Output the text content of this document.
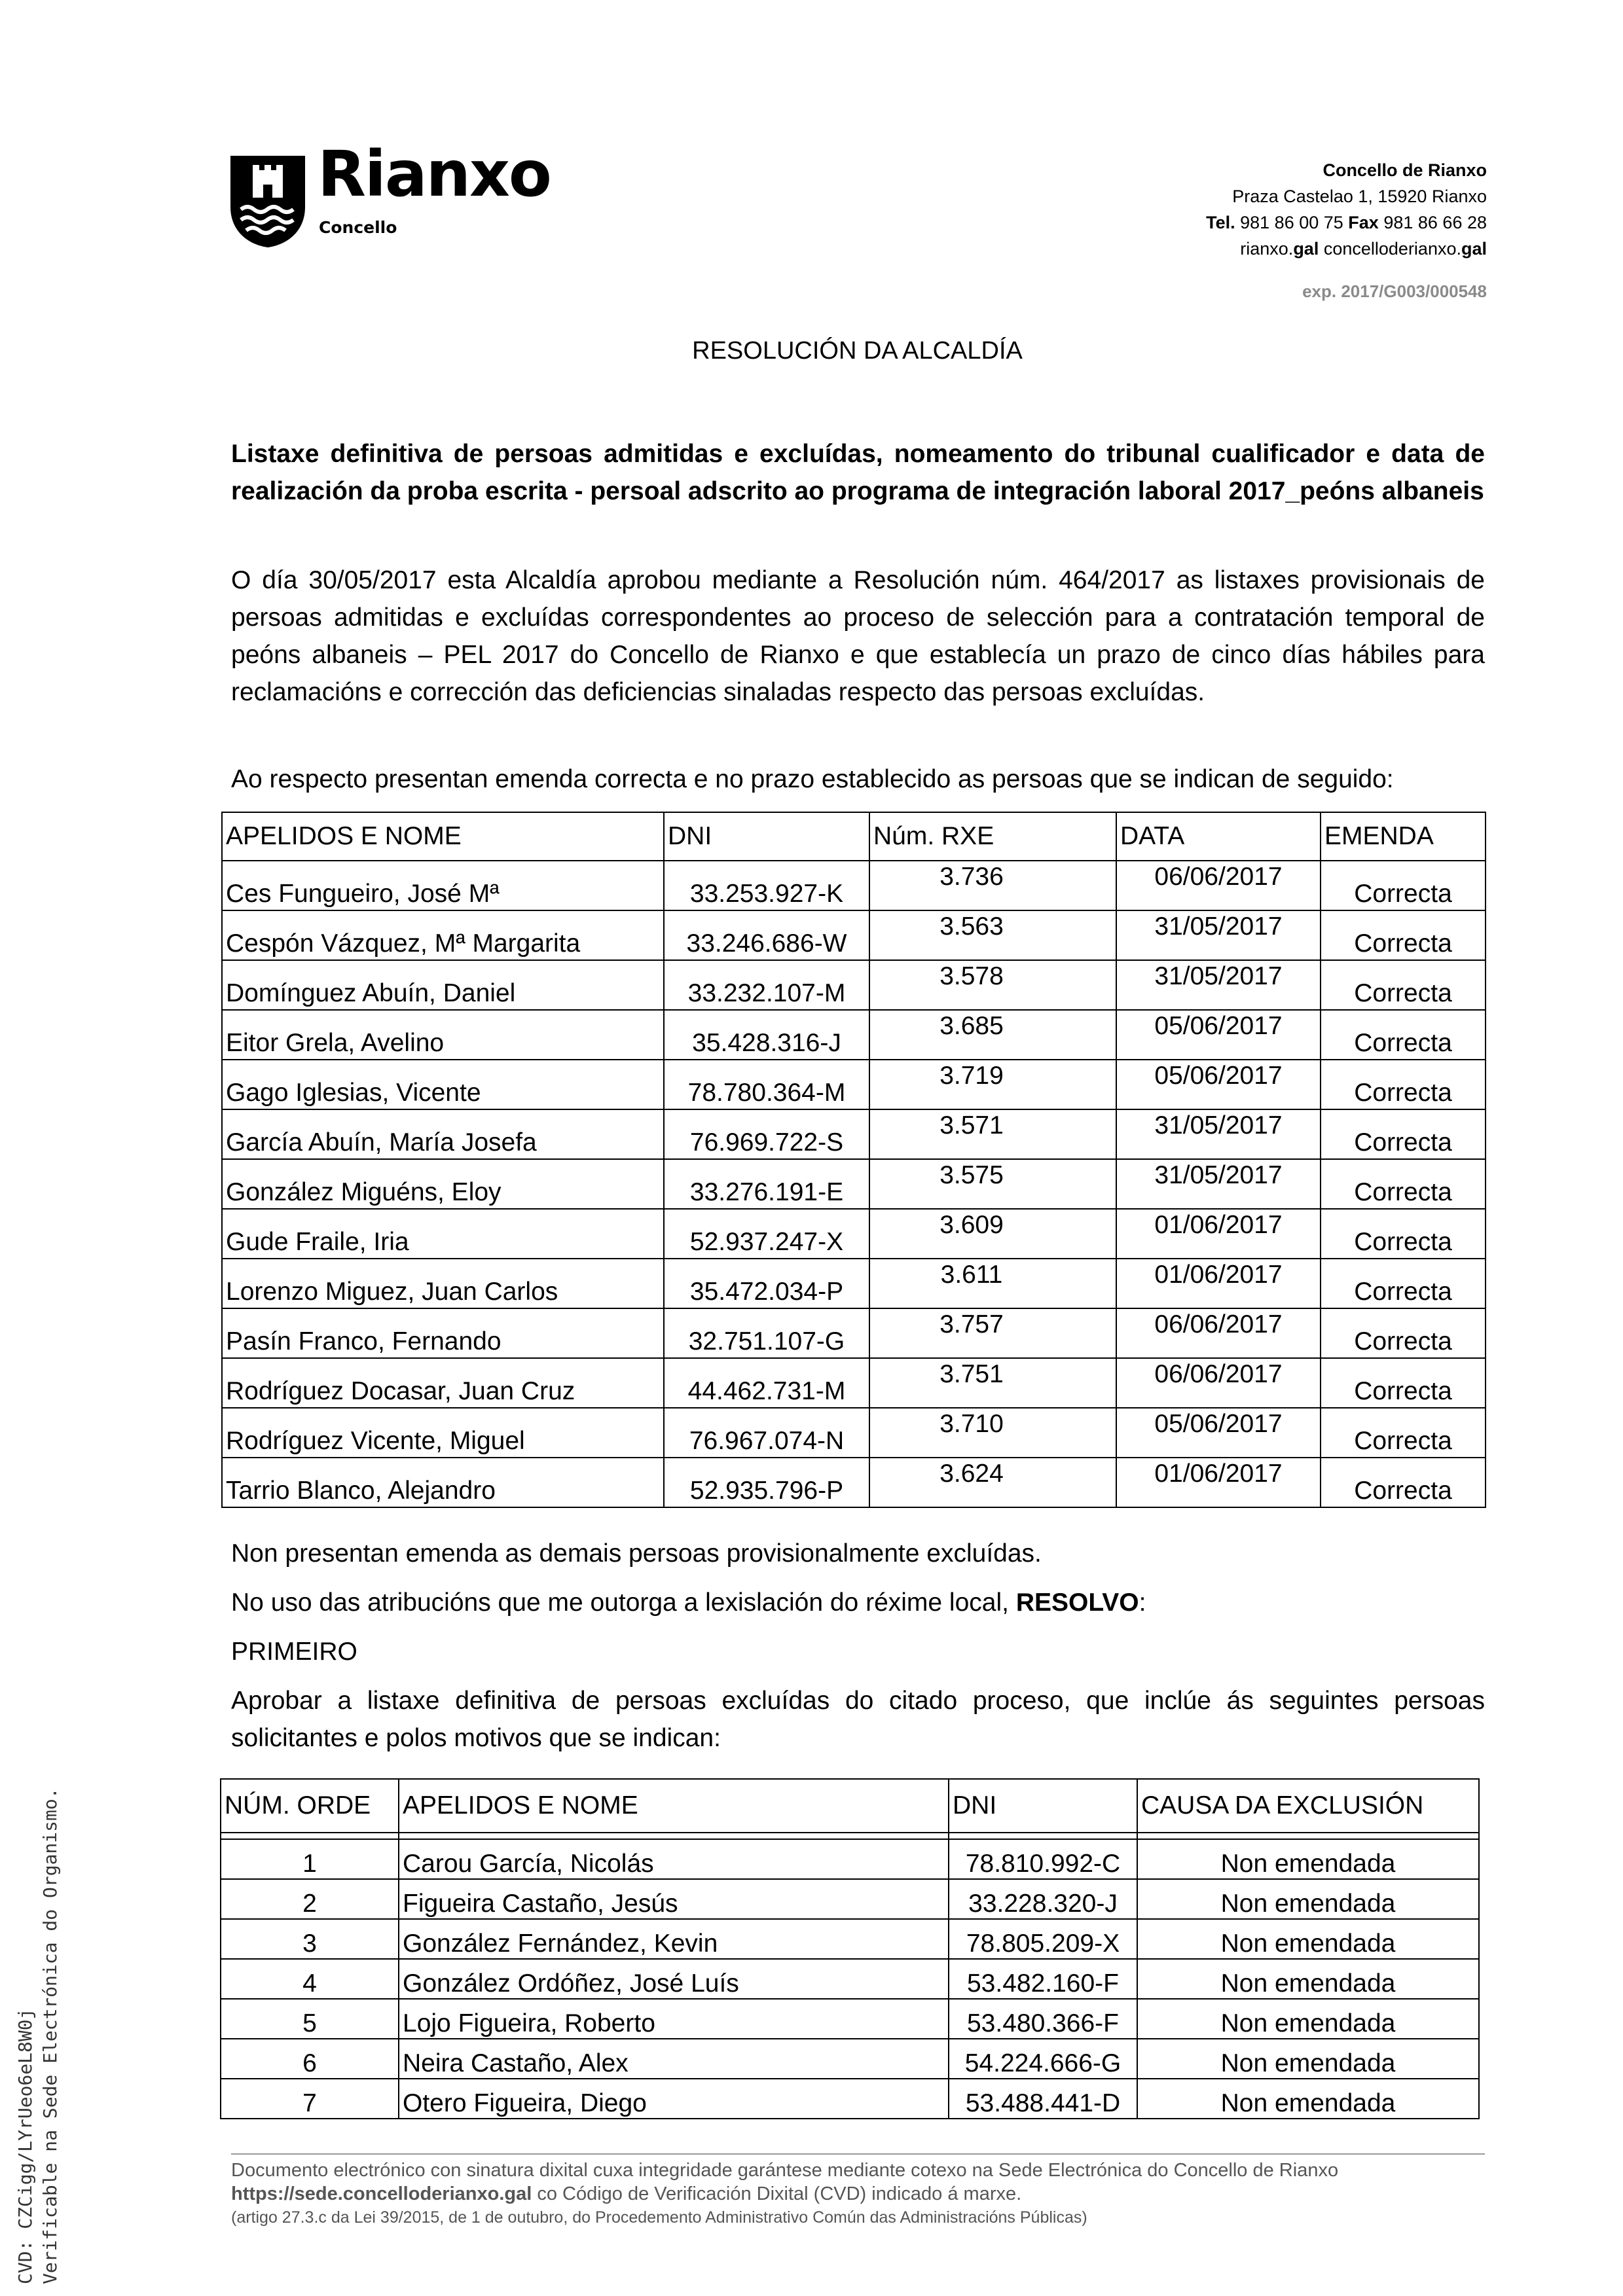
Rianxo
Concello
Concello de Rianxo
Praza Castelao 1, 15920 Rianxo
Tel. 981 86 00 75 Fax 981 86 66 28
rianxo.gal concelloderianxo.gal
exp. 2017/G003/000548
RESOLUCIÓN DA ALCALDÍA
Listaxe definitiva de persoas admitidas e excluídas, nomeamento do tribunal cualificador e data de realización da proba escrita - persoal adscrito ao programa de integración laboral 2017_peóns albaneis
O día 30/05/2017 esta Alcaldía aprobou mediante a Resolución núm. 464/2017 as listaxes provisionais de persoas admitidas e excluídas correspondentes ao proceso de selección para a contratación temporal de peóns albaneis – PEL 2017 do Concello de Rianxo e que establecía un prazo de cinco días hábiles para reclamacións e corrección das deficiencias sinaladas respecto das persoas excluídas.
Ao respecto presentan emenda correcta e no prazo establecido as persoas que se indican de seguido:
APELIDOS E NOME	DNI	Núm. RXE	DATA	EMENDA
Ces Fungueiro, José Mª	33.253.927-K	3.736	06/06/2017	Correcta
Cespón Vázquez, Mª Margarita	33.246.686-W	3.563	31/05/2017	Correcta
Domínguez Abuín, Daniel	33.232.107-M	3.578	31/05/2017	Correcta
Eitor Grela, Avelino	35.428.316-J	3.685	05/06/2017	Correcta
Gago Iglesias, Vicente	78.780.364-M	3.719	05/06/2017	Correcta
García Abuín, María Josefa	76.969.722-S	3.571	31/05/2017	Correcta
González Miguéns, Eloy	33.276.191-E	3.575	31/05/2017	Correcta
Gude Fraile, Iria	52.937.247-X	3.609	01/06/2017	Correcta
Lorenzo Miguez, Juan Carlos	35.472.034-P	3.611	01/06/2017	Correcta
Pasín Franco, Fernando	32.751.107-G	3.757	06/06/2017	Correcta
Rodríguez Docasar, Juan Cruz	44.462.731-M	3.751	06/06/2017	Correcta
Rodríguez Vicente, Miguel	76.967.074-N	3.710	05/06/2017	Correcta
Tarrio Blanco, Alejandro	52.935.796-P	3.624	01/06/2017	Correcta
Non presentan emenda as demais persoas provisionalmente excluídas.
No uso das atribucións que me outorga a lexislación do réxime local, RESOLVO:
PRIMEIRO
Aprobar a listaxe definitiva de persoas excluídas do citado proceso, que inclúe ás seguintes persoas solicitantes e polos motivos que se indican:
NÚM. ORDE	APELIDOS E NOME	DNI	CAUSA DA EXCLUSIÓN

1	Carou García, Nicolás	78.810.992-C	Non emendada
2	Figueira Castaño, Jesús	33.228.320-J	Non emendada
3	González Fernández, Kevin	78.805.209-X	Non emendada
4	González Ordóñez, José Luís	53.482.160-F	Non emendada
5	Lojo Figueira, Roberto	53.480.366-F	Non emendada
6	Neira Castaño, Alex	54.224.666-G	Non emendada
7	Otero Figueira, Diego	53.488.441-D	Non emendada
Documento electrónico con sinatura dixital cuxa integridade garántese mediante cotexo na Sede Electrónica do Concello de Rianxo
https://sede.concelloderianxo.gal co Código de Verificación Dixital (CVD) indicado á marxe.
(artigo 27.3.c da Lei 39/2015, de 1 de outubro, do Procedemento Administrativo Común das Administracións Públicas)
CVD: CZCigg/LYrUeo6eL8W0j Verificable na Sede Electrónica do Organismo.
